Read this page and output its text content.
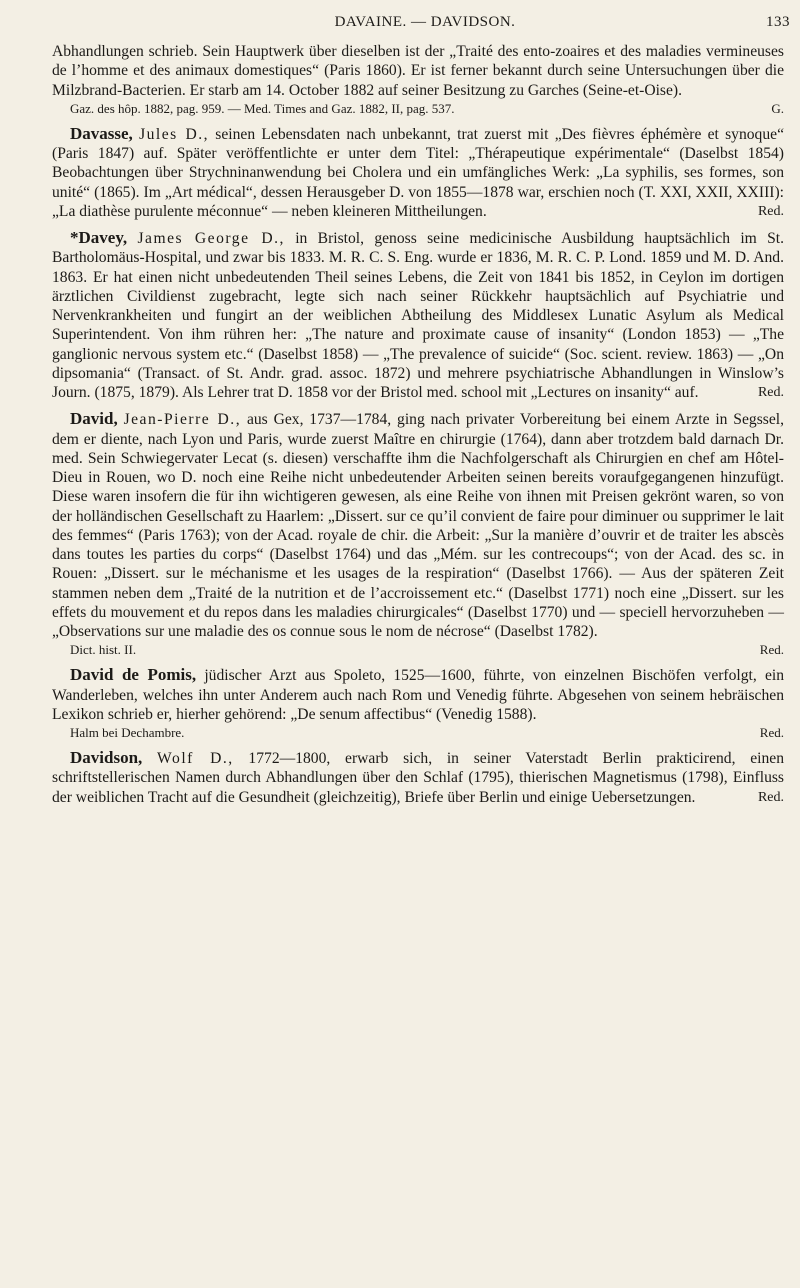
DAVAINE. — DAVIDSON.	133

Abhandlungen schrieb. Sein Hauptwerk über dieselben ist der „Traité des ento-zoaires et des maladies vermineuses de l’homme et des animaux domestiques“ (Paris 1860). Er ist ferner bekannt durch seine Untersuchungen über die Milzbrand-Bacterien. Er starb am 14. October 1882 auf seiner Besitzung zu Garches (Seine-et-Oise).

Gaz. des hôp. 1882, pag. 959. — Med. Times and Gaz. 1882, II, pag. 537.	G.

Davasse, Jules D., seinen Lebensdaten nach unbekannt, trat zuerst mit „Des fièvres éphémère et synoque“ (Paris 1847) auf. Später veröffentlichte er unter dem Titel: „Thérapeutique expérimentale“ (Daselbst 1854) Beobachtungen über Strychninanwendung bei Cholera und ein umfängliches Werk: „La syphilis, ses formes, son unité“ (1865). Im „Art médical“, dessen Herausgeber D. von 1855—1878 war, erschien noch (T. XXI, XXII, XXIII): „La diathèse purulente méconnue“ — neben kleineren Mittheilungen.	Red.

*Davey, James George D., in Bristol, genoss seine medicinische Ausbildung hauptsächlich im St. Bartholomäus-Hospital, und zwar bis 1833. M. R. C. S. Eng. wurde er 1836, M. R. C. P. Lond. 1859 und M. D. And. 1863. Er hat einen nicht unbedeutenden Theil seines Lebens, die Zeit von 1841 bis 1852, in Ceylon im dortigen ärztlichen Civildienst zugebracht, legte sich nach seiner Rückkehr hauptsächlich auf Psychiatrie und Nervenkrankheiten und fungirt an der weiblichen Abtheilung des Middlesex Lunatic Asylum als Medical Superintendent. Von ihm rühren her: „The nature and proximate cause of insanity“ (London 1853) — „The ganglionic nervous system etc.“ (Daselbst 1858) — „The prevalence of suicide“ (Soc. scient. review. 1863) — „On dipsomania“ (Transact. of St. Andr. grad. assoc. 1872) und mehrere psychiatrische Abhandlungen in Winslow’s Journ. (1875, 1879). Als Lehrer trat D. 1858 vor der Bristol med. school mit „Lectures on insanity“ auf.	Red.

David, Jean-Pierre D., aus Gex, 1737—1784, ging nach privater Vorbereitung bei einem Arzte in Segssel, dem er diente, nach Lyon und Paris, wurde zuerst Maître en chirurgie (1764), dann aber trotzdem bald darnach Dr. med. Sein Schwiegervater Lecat (s. diesen) verschaffte ihm die Nachfolgerschaft als Chirurgien en chef am Hôtel-Dieu in Rouen, wo D. noch eine Reihe nicht unbedeutender Arbeiten seinen bereits voraufgegangenen hinzufügt. Diese waren insofern die für ihn wichtigeren gewesen, als eine Reihe von ihnen mit Preisen gekrönt waren, so von der holländischen Gesellschaft zu Haarlem: „Dissert. sur ce qu’il convient de faire pour diminuer ou supprimer le lait des femmes“ (Paris 1763); von der Acad. royale de chir. die Arbeit: „Sur la manière d’ouvrir et de traiter les abscès dans toutes les parties du corps“ (Daselbst 1764) und das „Mém. sur les contrecoups“; von der Acad. des sc. in Rouen: „Dissert. sur le méchanisme et les usages de la respiration“ (Daselbst 1766). — Aus der späteren Zeit stammen neben dem „Traité de la nutrition et de l’accroissement etc.“ (Daselbst 1771) noch eine „Dissert. sur les effets du mouvement et du repos dans les maladies chirurgicales“ (Daselbst 1770) und — speciell hervorzuheben — „Observations sur une maladie des os connue sous le nom de nécrose“ (Daselbst 1782).

Dict. hist. II.	Red.

David de Pomis, jüdischer Arzt aus Spoleto, 1525—1600, führte, von einzelnen Bischöfen verfolgt, ein Wanderleben, welches ihn unter Anderem auch nach Rom und Venedig führte. Abgesehen von seinem hebräischen Lexikon schrieb er, hierher gehörend: „De senum affectibus“ (Venedig 1588).

Halm bei Dechambre.	Red.

Davidson, Wolf D., 1772—1800, erwarb sich, in seiner Vaterstadt Berlin prakticirend, einen schriftstellerischen Namen durch Abhandlungen über den Schlaf (1795), thierischen Magnetismus (1798), Einfluss der weiblichen Tracht auf die Gesundheit (gleichzeitig), Briefe über Berlin und einige Uebersetzungen.	Red.
